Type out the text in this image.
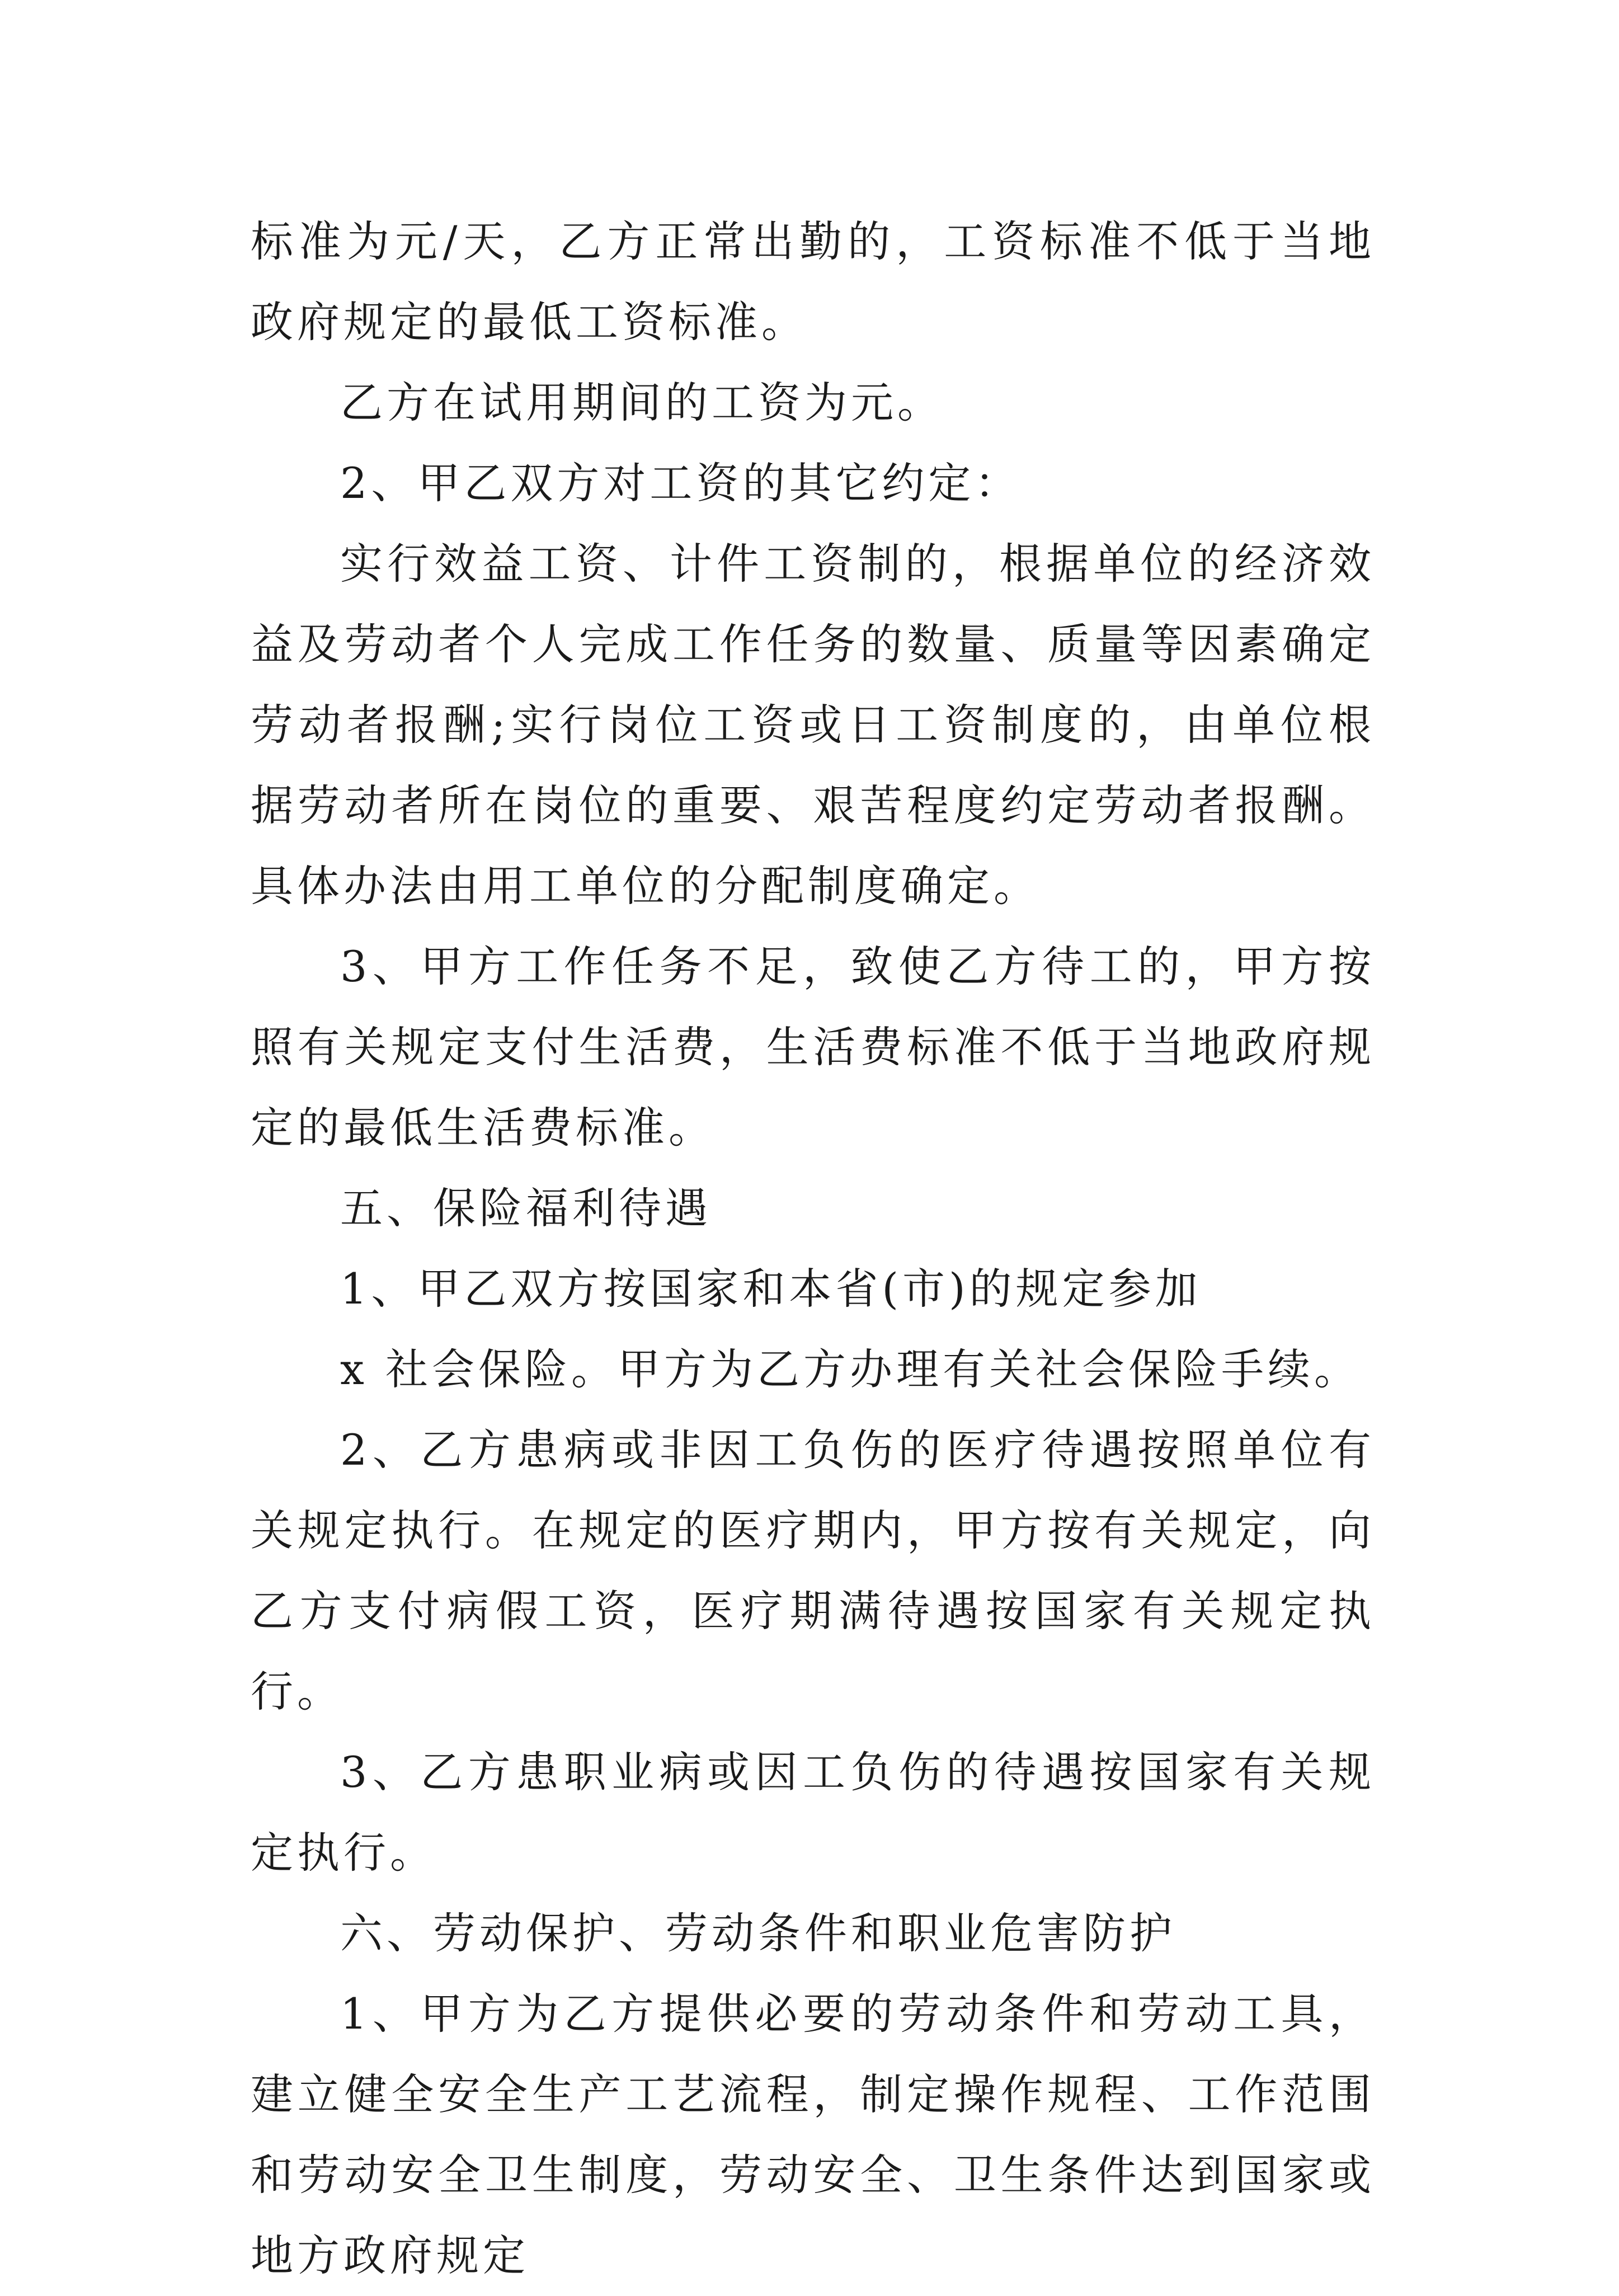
标准为元/天，乙方正常出勤的，工资标准不低于当地政府规定的最低工资标准。

乙方在试用期间的工资为元。

2、甲乙双方对工资的其它约定：

实行效益工资、计件工资制的，根据单位的经济效益及劳动者个人完成工作任务的数量、质量等因素确定劳动者报酬;实行岗位工资或日工资制度的，由单位根据劳动者所在岗位的重要、艰苦程度约定劳动者报酬。具体办法由用工单位的分配制度确定。

3、甲方工作任务不足，致使乙方待工的，甲方按照有关规定支付生活费，生活费标准不低于当地政府规定的最低生活费标准。

五、保险福利待遇

1、甲乙双方按国家和本省(市)的规定参加

x 社会保险。甲方为乙方办理有关社会保险手续。

2、乙方患病或非因工负伤的医疗待遇按照单位有关规定执行。在规定的医疗期内，甲方按有关规定，向乙方支付病假工资，医疗期满待遇按国家有关规定执行。

3、乙方患职业病或因工负伤的待遇按国家有关规定执行。

六、劳动保护、劳动条件和职业危害防护

1、甲方为乙方提供必要的劳动条件和劳动工具，建立健全安全生产工艺流程，制定操作规程、工作范围和劳动安全卫生制度，劳动安全、卫生条件达到国家或地方政府规定
